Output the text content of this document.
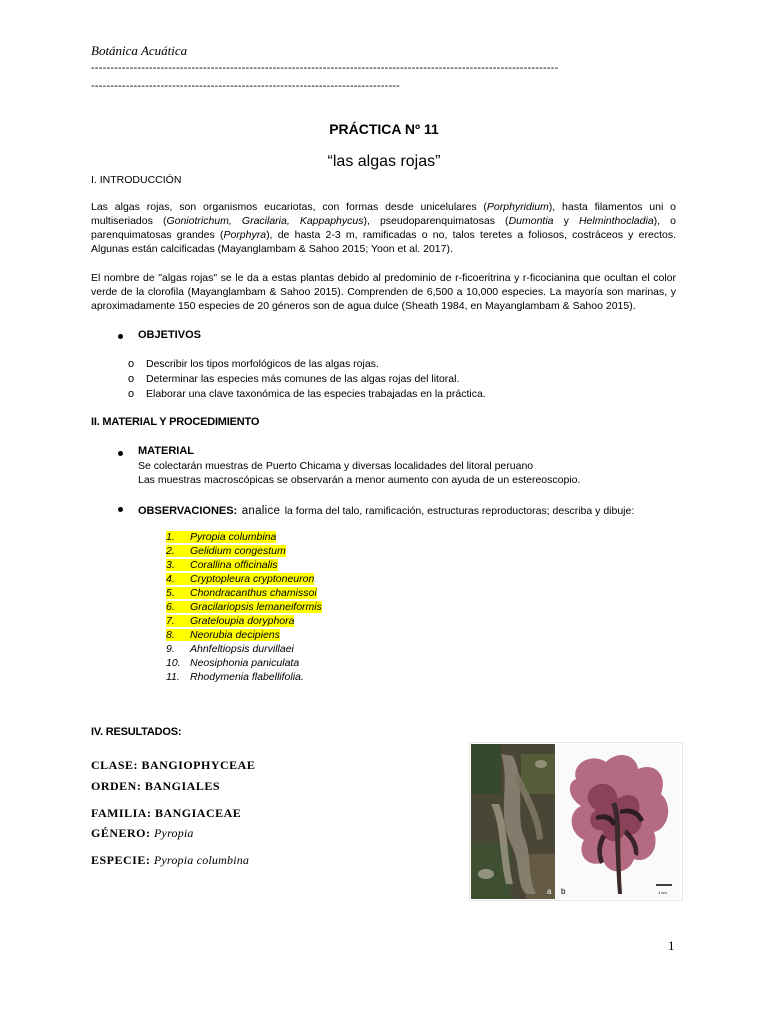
Botánica Acuática
-------------------------------------------------------------------------------------------------------------------------
--------------------------------------------------------------------------------
PRÁCTICA Nº 11
“las algas rojas”
I. INTRODUCCIÓN
Las algas rojas, son organismos eucariotas, con formas desde unicelulares (Porphyridium), hasta filamentos uni o multiseriados (Goniotrichum, Gracilaria, Kappaphycus), pseudoparenquimatosas (Dumontia y Helminthocladia), o parenquimatosas grandes (Porphyra), de hasta 2-3 m, ramificadas o no, talos teretes a foliosos, costráceos y erectos. Algunas están calcificadas (Mayanglambam & Sahoo 2015; Yoon et al. 2017).
El nombre de "algas rojas" se le da a estas plantas debido al predominio de r-ficoeritrina y r-ficocianina que ocultan el color verde de la clorofila (Mayanglambam & Sahoo 2015). Comprenden de 6,500 a 10,000 especies. La mayoría son marinas, y aproximadamente 150 especies de 20 géneros son de agua dulce (Sheath 1984, en Mayanglambam & Sahoo 2015).
OBJETIVOS
o	Describir los tipos morfológicos de las algas rojas.
o	Determinar las especies más comunes de las algas rojas del litoral.
o	Elaborar una clave taxonómica de las especies trabajadas en la práctica.
II. MATERIAL Y PROCEDIMIENTO
MATERIAL
Se colectarán muestras de Puerto Chicama y diversas localidades del litoral peruano
Las muestras macroscópicas se observarán a menor aumento con ayuda de un estereoscopio.
OBSERVACIONES: analice la forma del talo, ramificación, estructuras reproductoras; describa y dibuje:
1. Pyropia columbina
2. Gelidium congestum
3. Corallina officinalis
4. Cryptopleura cryptoneuron
5. Chondracanthus chamissoi
6. Gracilariopsis lemaneiformis
7. Grateloupia doryphora
8. Neorubia decipiens
9. Ahnfeltiopsis durvillaei
10. Neosiphonia paniculata
11. Rhodymenia flabellifolia.
IV. RESULTADOS:
CLASE: BANGIOPHYCEAE
ORDEN: BANGIALES
FAMILIA: BANGIACEAE
GÉNERO: Pyropia
ESPECIE: Pyropia columbina
a b	1 cm
1
